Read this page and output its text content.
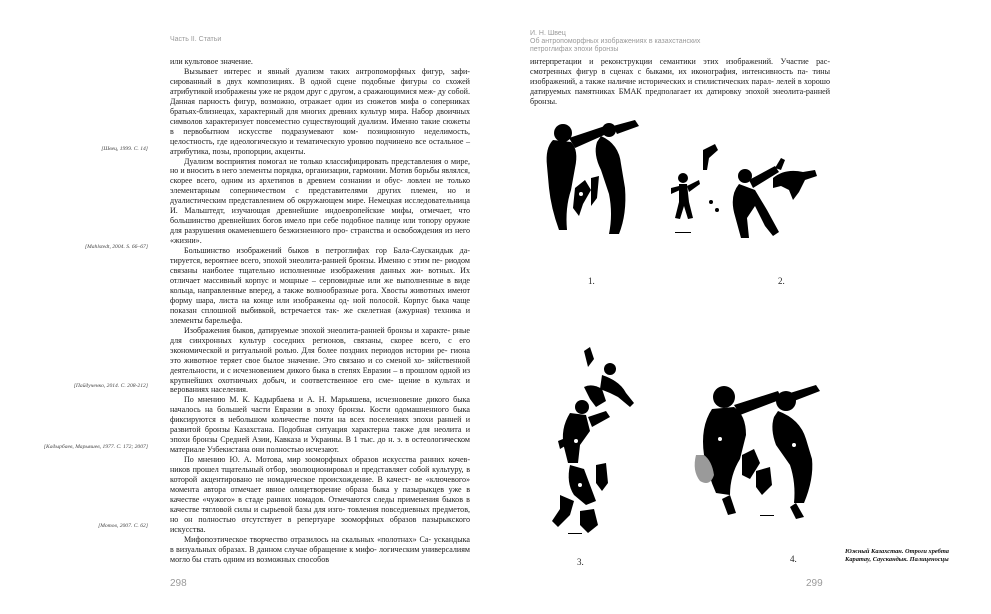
Часть II. Статьи
И. Н. Швец
Об антропоморфных изображениях в казахстанских
петроглифах эпохи бронзы
[Швец, 1999. С. 14]
[Mahlstedt, 2004. S. 66–67]
[Пайдученко, 2014. С. 208-212]
[Кадырбаев, Марьяшев, 1977. С. 172; 2007]
[Мотов, 2007. С. 62]

или культовое значение.

Вызывает интерес и явный дуализм таких антропоморфных фигур, зафи- сированный в двух композициях. В одной сцене подобные фигуры со схожей атрибутикой изображены уже не рядом друг с другом, а сражающимися меж- ду собой. Данная парность фигур, возможно, отражает один из сюжетов мифа о соперниках братьях-близнецах, характерный для многих древних культур мира. Набор двоичных символов характеризует повсеместно существующий дуализм. Именно такие сюжеты в первобытном искусстве подразумевают ком- позиционную неделимость, целостность, где идеологическую и тематическую уровню подчинено все остальное – атрибутика, позы, пропорции, акценты.

Дуализм восприятия помогал не только классифицировать представления о мире, но и вносить в него элементы порядка, организации, гармонии. Мотив борьбы являлся, скорее всего, одним из архетипов в древнем сознании и обус- ловлен не только элементарным соперничеством с представителями других племен, но и дуалистическим представлением об окружающем мире. Немецкая исследовательница И. Мальштедт, изучающая древнейшие индоевропейские мифы, отмечает, что большинство древнейших богов имело при себе подобное палице или топору оружие для разрушения окаменевшего безжизненного про- странства и освобождения из него «жизни».

Большинство изображений быков в петроглифах гор Бала-Саускандык да- тируется, вероятнее всего, эпохой энеолита-ранней бронзы. Именно с этим пе- риодом связаны наиболее тщательно исполненные изображения данных жи- вотных. Их отличает массивный корпус и мощные – серповидные или же выполненные в виде кольца, направленные вперед, а также волнообразные рога. Хвосты животных имеют форму шара, листа на конце или изображены од- ной полосой. Корпус быка чаще показан сплошной выбивкой, встречается так- же скелетная (ажурная) техника и элементы барельефа.

Изображения быков, датируемые эпохой энеолита-ранней бронзы и характе- рные для синхронных культур соседних регионов, связаны, скорее всего, с его экономической и ритуальной ролью. Для более поздних периодов истории ре- гиона это животное теряет свое былое значение. Это связано и со сменой хо- зяйственной деятельности, и с исчезновением дикого быка в степях Евразии – в прошлом одной из крупнейших охотничьих добыч, и соответственное его сме- щение в культах и верованиях населения.

По мнению М. К. Кадырбаева и А. Н. Марьяшева, исчезновение дикого быка началось на большей части Евразии в эпоху бронзы. Кости одомашненного быка фиксируются в небольшом количестве почти на всех поселениях эпохи ранней и развитой бронзы Казахстана. Подобная ситуация характерна также для неолита и эпохи бронзы Средней Азии, Кавказа и Украины. В 1 тыс. до н. э. в остеологическом материале Узбекистана они полностью исчезают.

По мнению Ю. А. Мотова, мир зооморфных образов искусства ранних кочев- ников прошел тщательный отбор, эволюционировал и представляет собой культуру, в которой акцентировано не номадическое происхождение. В качест- ве «ключевого» момента автора отмечает явное олицетворение образа быка у пазырыкцев уже в качестве «чужого» в стаде ранних номадов. Отмечаются следы применения быков в качестве тягловой силы и сырьевой базы для изго- товления повседневных предметов, но он полностью отсутствует в репертуаре зооморфных образов пазырыкского искусства.

Мифопоэтическое творчество отразилось на скальных «полотнах» Са- ускандыка в визуальных образах. В данном случае обращение к мифо- логическим универсалиям могло бы стать одним из возможных способов

интерпретации и реконструкции семантики этих изображений. Участие рас- смотренных фигур в сценах с быками, их иконография, интенсивность па- тины изображений, а также наличие исторических и стилистических парал- лелей в хорошо датируемых памятниках БМАК предполагает их датировку эпохой энеолита-ранней бронзы.

1.	2.
3.	4.
Южный Казахстан. Отроги хребта Каратау, Саускандык. Палиценосцы
298	299
